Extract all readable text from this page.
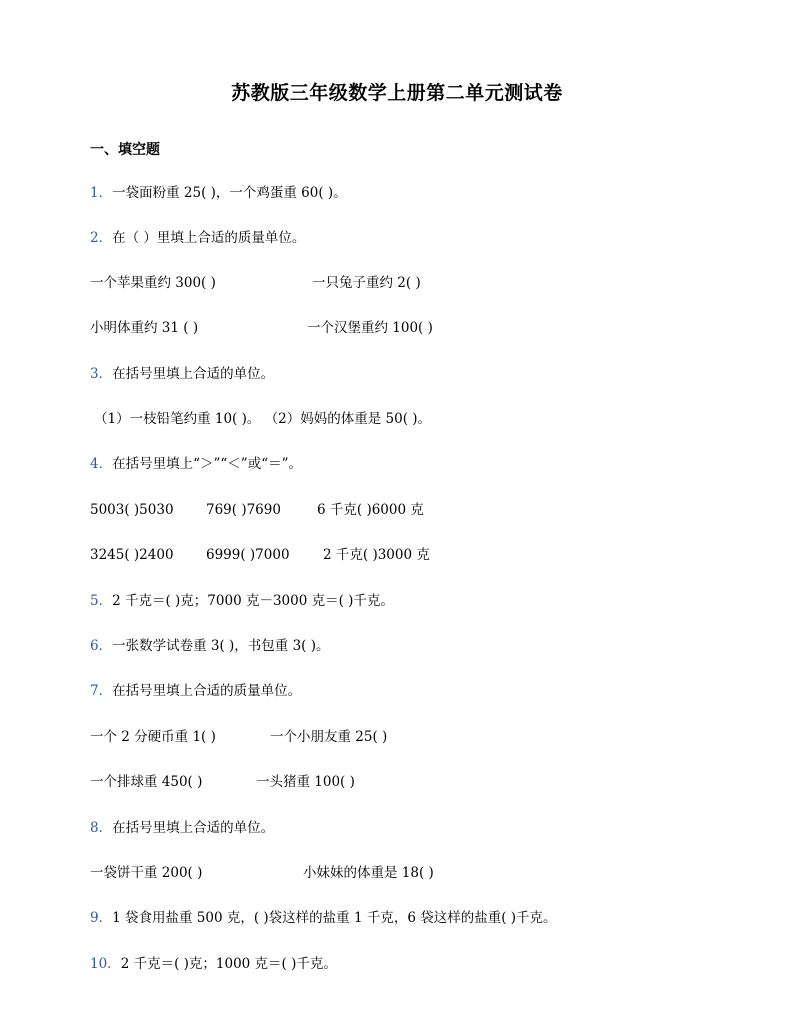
苏教版三年级数学上册第二单元测试卷
一、填空题
1．一袋面粉重 25( )，一个鸡蛋重 60( )。
2．在（ ）里填上合适的质量单位。
一个苹果重约 300( )	一只兔子重约 2( )
小明体重约 31 ( )	一个汉堡重约 100( )
3．在括号里填上合适的单位。
（1）一枝铅笔约重 10( )。 （2）妈妈的体重是 50( )。
4．在括号里填上“＞”“＜”或“＝”。
5003( )5030 769( )7690	6 千克( )6000 克
3245( )2400 6999( )7000 2 千克( )3000 克
5．2 千克＝( )克；7000 克－3000 克＝( )千克。
6．一张数学试卷重 3( )，书包重 3( )。
7．在括号里填上合适的质量单位。
一个 2 分硬币重 1( )	一个小朋友重 25( )
一个排球重 450( )	一头猪重 100( )
8．在括号里填上合适的单位。
一袋饼干重 200( )	小妹妹的体重是 18( )
9．1 袋食用盐重 500 克，( )袋这样的盐重 1 千克，6 袋这样的盐重( )千克。
10．2 千克＝( )克；1000 克＝( )千克。
